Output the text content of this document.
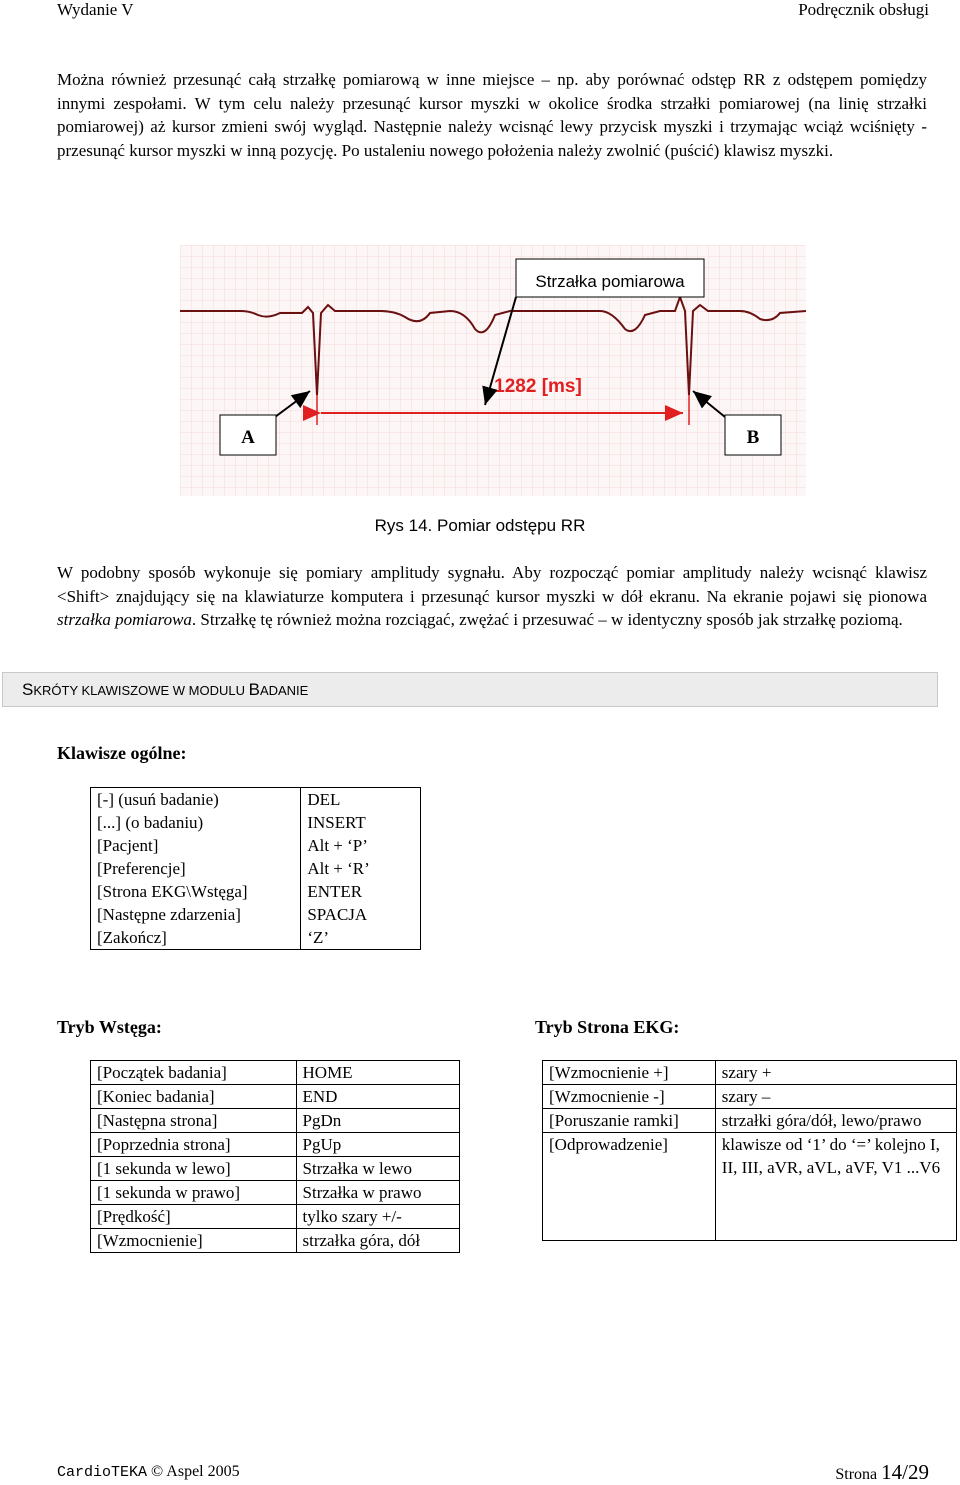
Wydanie V	Podręcznik obsługi
Można również przesunąć całą strzałkę pomiarową w inne miejsce – np. aby porównać odstęp RR z odstępem pomiędzy innymi zespołami. W tym celu należy przesunąć kursor myszki w okolice środka strzałki pomiarowej (na linię strzałki pomiarowej) aż kursor zmieni swój wygląd. Następnie należy wcisnąć lewy przycisk myszki i trzymając wciąż wciśnięty - przesunąć kursor myszki w inną pozycję. Po ustaleniu nowego położenia należy zwolnić (puścić) klawisz myszki.
1282 [ms]
Strzałka pomiarowa
A	B
Rys 14. Pomiar odstępu RR
W podobny sposób wykonuje się pomiary amplitudy sygnału. Aby rozpocząć pomiar amplitudy należy wcisnąć klawisz <Shift> znajdujący się na klawiaturze komputera i przesunąć kursor myszki w dół ekranu. Na ekranie pojawi się pionowa strzałka pomiarowa. Strzałkę tę również można rozciągać, zwężać i przesuwać – w identyczny sposób jak strzałkę poziomą.
SKRÓTY KLAWISZOWE W MODULU BADANIE
Klawisze ogólne:
[-] (usuń badanie)	DEL
[...] (o badaniu)	INSERT
[Pacjent]	Alt + ‘P’
[Preferencje]	Alt + ‘R’
[Strona EKG\Wstęga]	ENTER
[Następne zdarzenia]	SPACJA
[Zakończ]	‘Z’
Tryb Wstęga:
[Początek badania]	HOME
[Koniec badania]	END
[Następna strona]	PgDn
[Poprzednia strona]	PgUp
[1 sekunda w lewo]	Strzałka w lewo
[1 sekunda w prawo]	Strzałka w prawo
[Prędkość]	tylko szary +/-
[Wzmocnienie]	strzałka góra, dół
Tryb Strona EKG:
[Wzmocnienie +]	szary +
[Wzmocnienie -]	szary –
[Poruszanie ramki]	strzałki góra/dół, lewo/prawo
[Odprowadzenie]	klawisze od ‘1’ do ‘=’ kolejno I, II, III, aVR, aVL, aVF, V1 ...V6
CardioTEKA © Aspel 2005	Strona 14/29
